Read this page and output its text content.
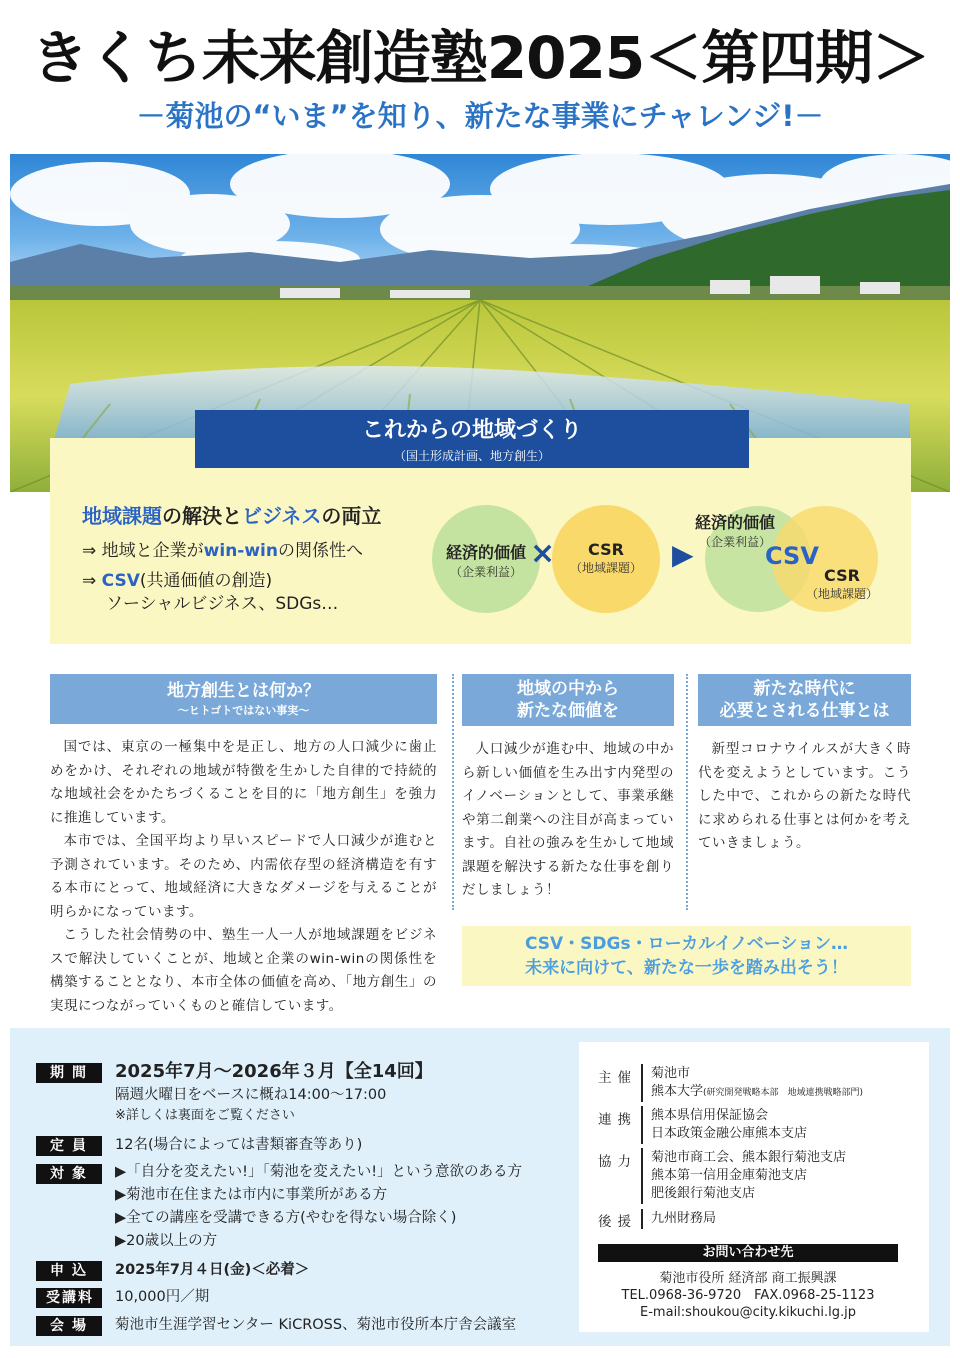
きくち未来創造塾2025＜第四期＞
－菊池の“いま”を知り、新たな事業にチャレンジ!－
これからの地域づくり
（国土形成計画、地方創生）
地域課題の解決とビジネスの両立
⇒ 地域と企業がwin-winの関係性へ
⇒ CSV(共通価値の創造)
ソーシャルビジネス、SDGs…
経済的価値
（企業利益）
CSR
（地域課題）
×	▶
経済的価値
（企業利益）
CSV
CSR
（地域課題）
地方創生とは何か？
～ヒトゴトではない事実～

国では、東京の一極集中を是正し、地方の人口減少に歯止めをかけ、それぞれの地域が特徴を生かした自律的で持続的な地域社会をかたちづくることを目的に「地方創生」を強力に推進しています。

本市では、全国平均より早いスピードで人口減少が進むと予測されています。そのため、内需依存型の経済構造を有する本市にとって、地域経済に大きなダメージを与えることが明らかになっています。

こうした社会情勢の中、塾生一人一人が地域課題をビジネスで解決していくことが、地域と企業のwin-winの関係性を構築することとなり、本市全体の価値を高め、「地方創生」の実現につながっていくものと確信しています。

地域の中から
新たな価値を

人口減少が進む中、地域の中から新しい価値を生み出す内発型のイノベーションとして、事業承継や第二創業への注目が高まっています。自社の強みを生かして地域課題を解決する新たな仕事を創りだしましょう！

新たな時代に
必要とされる仕事とは

新型コロナウイルスが大きく時代を変えようとしています。こうした中で、これからの新たな時代に求められる仕事とは何かを考えていきましょう。

CSV・SDGs・ローカルイノベーション…
未来に向けて、新たな一歩を踏み出そう！
期間	2025年7月～2026年３月【全14回】
隔週火曜日をベースに概ね14:00～17:00
※詳しくは裏面をご覧ください
定員	12名(場合によっては書類審査等あり)
対象	▶「自分を変えたい!」「菊池を変えたい!」という意欲のある方
▶菊池市在住または市内に事業所がある方
▶全ての講座を受講できる方(やむを得ない場合除く)
▶20歳以上の方
申込	2025年7月４日(金)＜必着＞
受講料	10,000円／期
会場	菊池市生涯学習センター KiCROSS、菊池市役所本庁舎会議室
主催 菊池市
熊本大学(研究開発戦略本部　地域連携戦略部門)
連携 熊本県信用保証協会
日本政策金融公庫熊本支店
協力 菊池市商工会、熊本銀行菊池支店
熊本第一信用金庫菊池支店
肥後銀行菊池支店
後援 九州財務局
お問い合わせ先
菊池市役所 経済部 商工振興課
TEL.0968-36-9720　FAX.0968-25-1123
E-mail:shoukou@city.kikuchi.lg.jp
